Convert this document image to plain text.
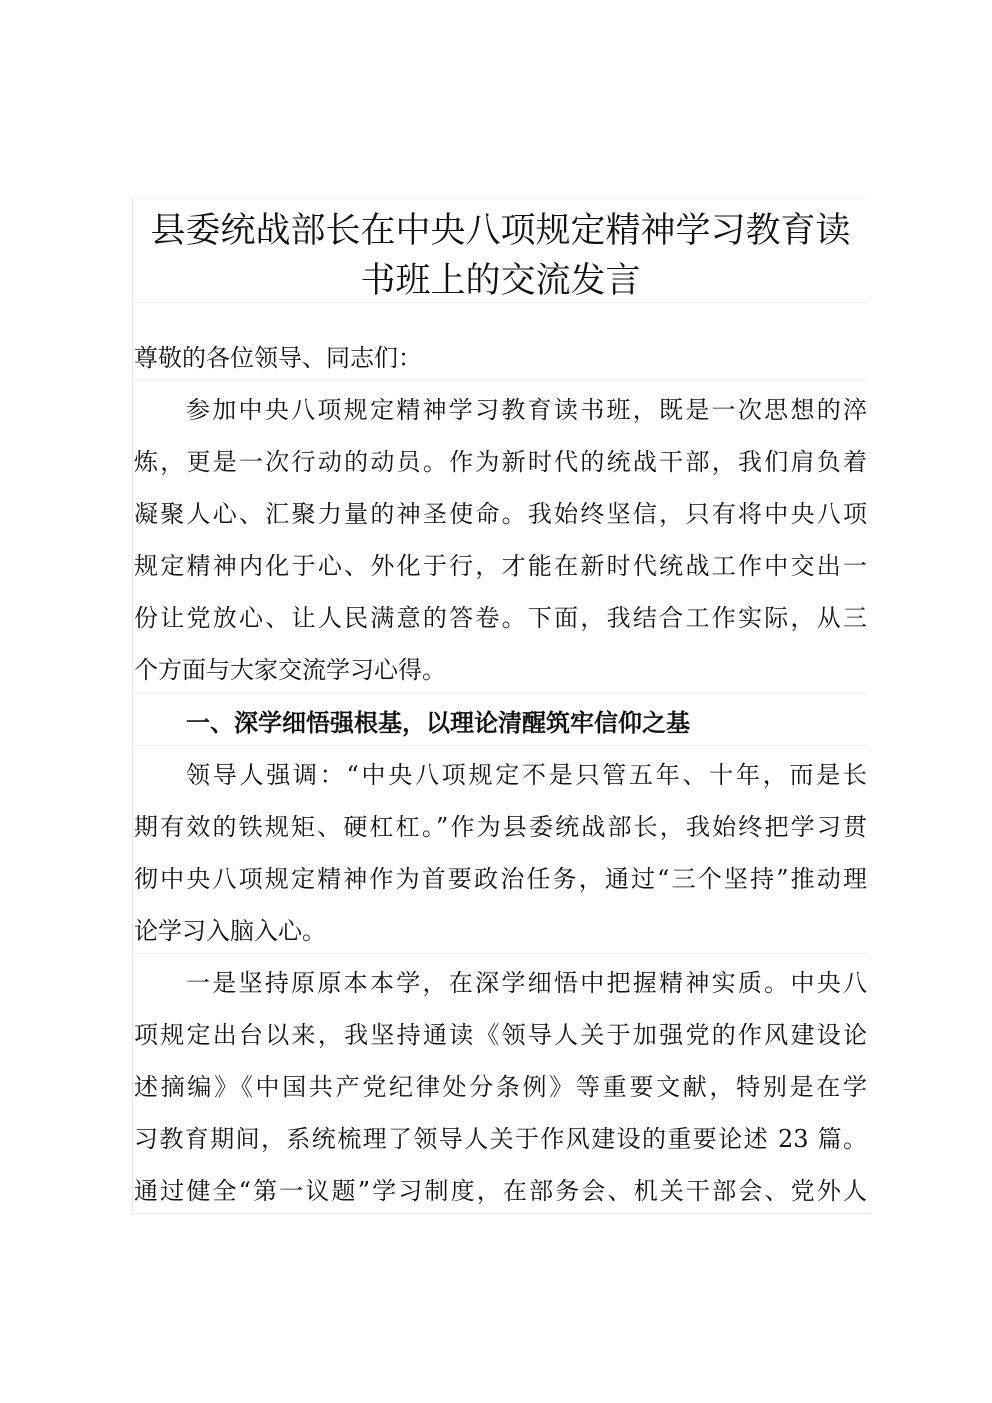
县委统战部长在中央八项规定精神学习教育读
书班上的交流发言
尊敬的各位领导、同志们：
参加中央八项规定精神学习教育读书班，既是一次思想的淬
炼，更是一次行动的动员。作为新时代的统战干部，我们肩负着
凝聚人心、汇聚力量的神圣使命。我始终坚信，只有将中央八项
规定精神内化于心、外化于行，才能在新时代统战工作中交出一
份让党放心、让人民满意的答卷。下面，我结合工作实际，从三
个方面与大家交流学习心得。
一、深学细悟强根基，以理论清醒筑牢信仰之基
领导人强调：“中央八项规定不是只管五年、十年，而是长
期有效的铁规矩、硬杠杠。”作为县委统战部长，我始终把学习贯
彻中央八项规定精神作为首要政治任务，通过“三个坚持”推动理
论学习入脑入心。
一是坚持原原本本学，在深学细悟中把握精神实质。中央八
项规定出台以来，我坚持通读《领导人关于加强党的作风建设论
述摘编》《中国共产党纪律处分条例》等重要文献，特别是在学
习教育期间，系统梳理了领导人关于作风建设的重要论述 23 篇。
通过健全“第一议题”学习制度，在部务会、机关干部会、党外人
